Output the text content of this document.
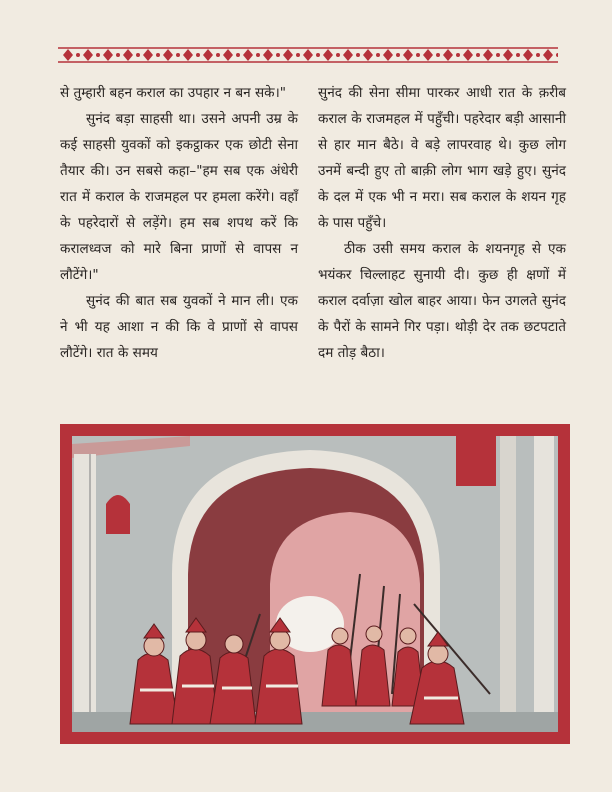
से तुम्हारी बहन कराल का उपहार न बन सके।"

सुनंद बड़ा साहसी था। उसने अपनी उम्र के कई साहसी युवकों को इकट्ठाकर एक छोटी सेना तैयार की। उन सबसे कहा–"हम सब एक अंधेरी रात में कराल के राजमहल पर हमला करेंगे। वहाँ के पहरेदारों से लड़ेंगे। हम सब शपथ करें कि करालध्वज को मारे बिना प्राणों से वापस न लौटेंगे।"

सुनंद की बात सब युवकों ने मान ली। एक ने भी यह आशा न की कि वे प्राणों से वापस लौटेंगे। रात के समय

सुनंद की सेना सीमा पारकर आधी रात के क़रीब कराल के राजमहल में पहुँची। पहरेदार बड़ी आसानी से हार मान बैठे। वे बड़े लापरवाह थे। कुछ लोग उनमें बन्दी हुए तो बाक़ी लोग भाग खड़े हुए। सुनंद के दल में एक भी न मरा। सब कराल के शयन गृह के पास पहुँचे।

ठीक उसी समय कराल के शयनगृह से एक भयंकर चिल्लाहट सुनायी दी। कुछ ही क्षणों में कराल दर्वाज़ा खोल बाहर आया। फेन उगलते सुनंद के पैरों के सामने गिर पड़ा। थोड़ी देर तक छटपटाते दम तोड़ बैठा।
